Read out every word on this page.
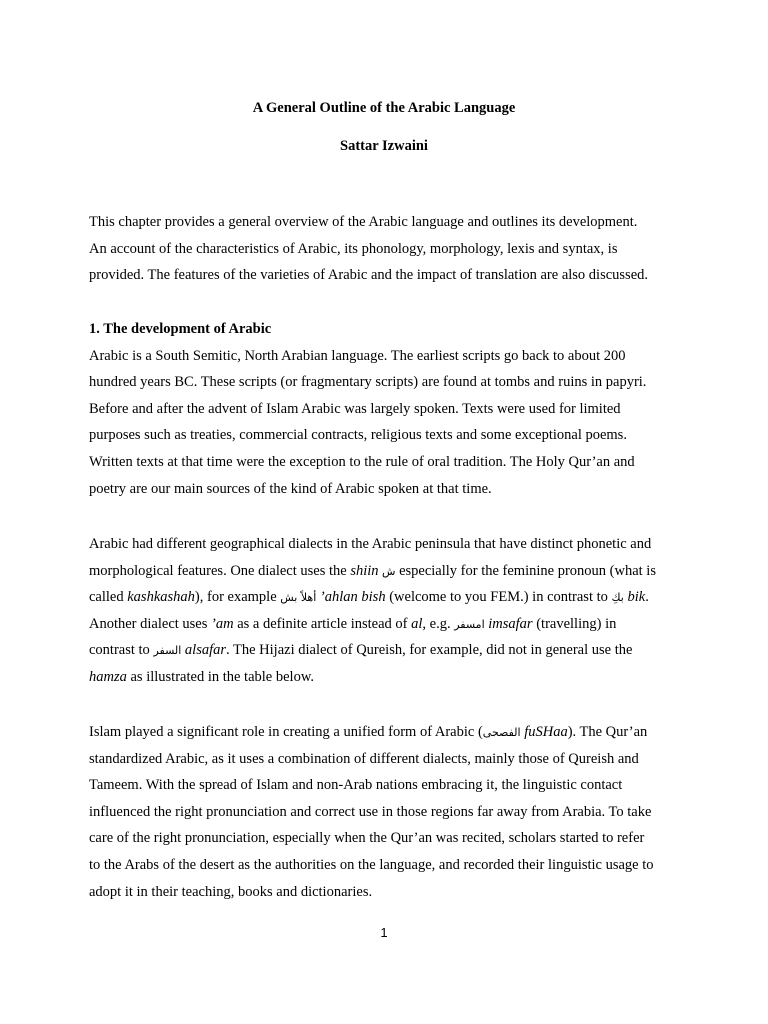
A General Outline of the Arabic Language
Sattar Izwaini
This chapter provides a general overview of the Arabic language and outlines its development.
An account of the characteristics of Arabic, its phonology, morphology, lexis and syntax, is
provided. The features of the varieties of Arabic and the impact of translation are also discussed.
1. The development of Arabic
Arabic is a South Semitic, North Arabian language. The earliest scripts go back to about 200
hundred years BC. These scripts (or fragmentary scripts) are found at tombs and ruins in papyri.
Before and after the advent of Islam Arabic was largely spoken. Texts were used for limited
purposes such as treaties, commercial contracts, religious texts and some exceptional poems.
Written texts at that time were the exception to the rule of oral tradition. The Holy Qur’an and
poetry are our main sources of the kind of Arabic spoken at that time.
Arabic had different geographical dialects in the Arabic peninsula that have distinct phonetic and
morphological features. One dialect uses the shiin ش especially for the feminine pronoun (what is
called kashkashah), for example أهلاً بش ’ahlan bish (welcome to you FEM.) in contrast to بكِ bik.
Another dialect uses ’am as a definite article instead of al, e.g. امسفر imsafar (travelling) in
contrast to السفر alsafar. The Hijazi dialect of Qureish, for example, did not in general use the
hamza as illustrated in the table below.
Islam played a significant role in creating a unified form of Arabic (الفصحى fuSHaa). The Qur’an
standardized Arabic, as it uses a combination of different dialects, mainly those of Qureish and
Tameem. With the spread of Islam and non-Arab nations embracing it, the linguistic contact
influenced the right pronunciation and correct use in those regions far away from Arabia. To take
care of the right pronunciation, especially when the Qur’an was recited, scholars started to refer
to the Arabs of the desert as the authorities on the language, and recorded their linguistic usage to
adopt it in their teaching, books and dictionaries.
1
